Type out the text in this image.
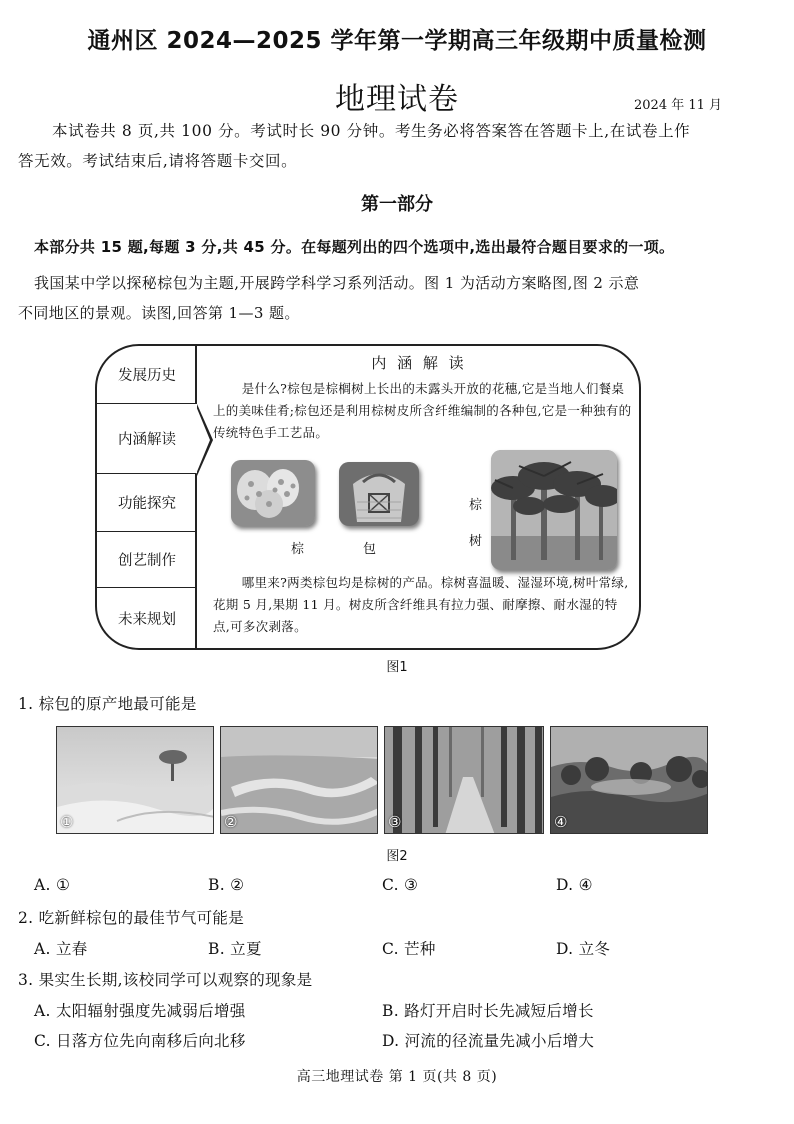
通州区 2024—2025 学年第一学期高三年级期中质量检测
地理试卷	2024 年 11 月
本试卷共 8 页,共 100 分。考试时长 90 分钟。考生务必将答案答在答题卡上,在试卷上作
答无效。考试结束后,请将答题卡交回。
第一部分
本部分共 15 题,每题 3 分,共 45 分。在每题列出的四个选项中,选出最符合题目要求的一项。
我国某中学以探秘棕包为主题,开展跨学科学习系列活动。图 1 为活动方案略图,图 2 示意
不同地区的景观。读图,回答第 1—3 题。
发展历史
内涵解读
功能探究
创艺制作
未来规划
内 涵 解 读
是什么?棕包是棕榈树上长出的未露头开放的花穗,它是当地人们餐桌上的美味佳肴;棕包还是利用棕树皮所含纤维编制的各种包,它是一种独有的传统特色手工艺品。
棕	包
棕
树
哪里来?两类棕包均是棕树的产品。棕树喜温暖、湿湿环境,树叶常绿,花期 5 月,果期 11 月。树皮所含纤维具有拉力强、耐摩擦、耐水湿的特点,可多次剥落。
图1
1. 棕包的原产地最可能是
①	②	③	④
图2
A. ①	B. ②	C. ③	D. ④
2. 吃新鲜棕包的最佳节气可能是
A. 立春	B. 立夏	C. 芒种	D. 立冬
3. 果实生长期,该校同学可以观察的现象是
A. 太阳辐射强度先减弱后增强	B. 路灯开启时长先减短后增长
C. 日落方位先向南移后向北移	D. 河流的径流量先减小后增大
高三地理试卷 第 1 页(共 8 页)
